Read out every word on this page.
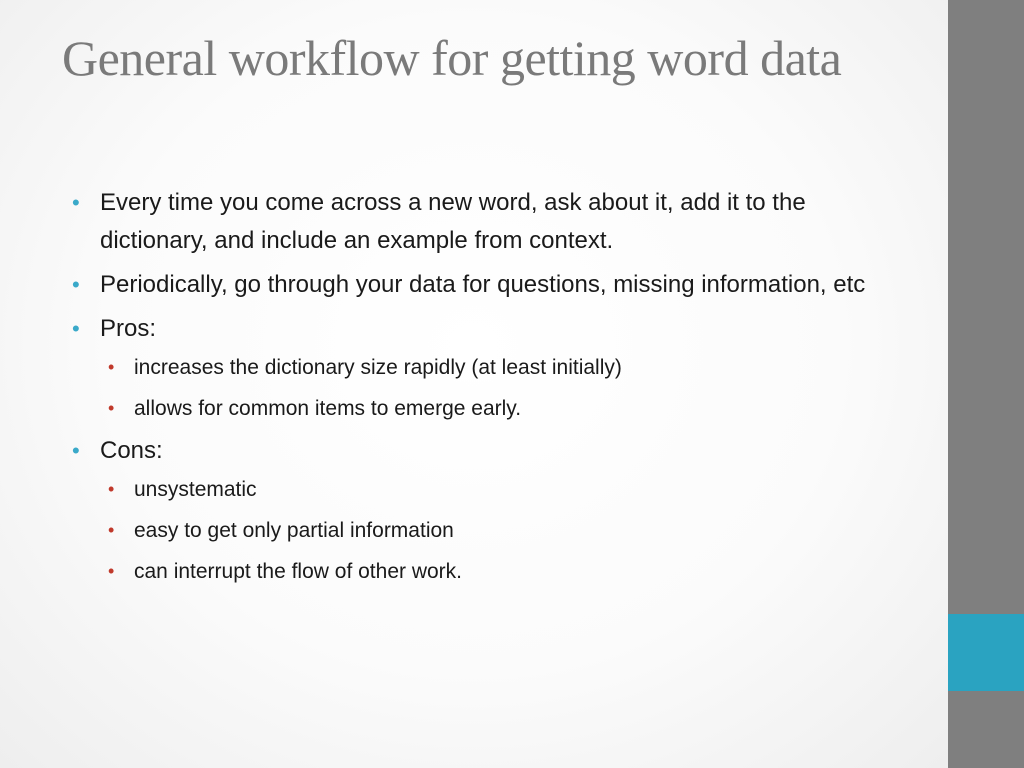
General workflow for getting word data
• Every time you come across a new word, ask about it, add it to the dictionary, and include an example from context.
• Periodically, go through your data for questions, missing information, etc
• Pros:
• increases the dictionary size rapidly (at least initially)
• allows for common items to emerge early.
• Cons:
• unsystematic
• easy to get only partial information
• can interrupt the flow of other work.
